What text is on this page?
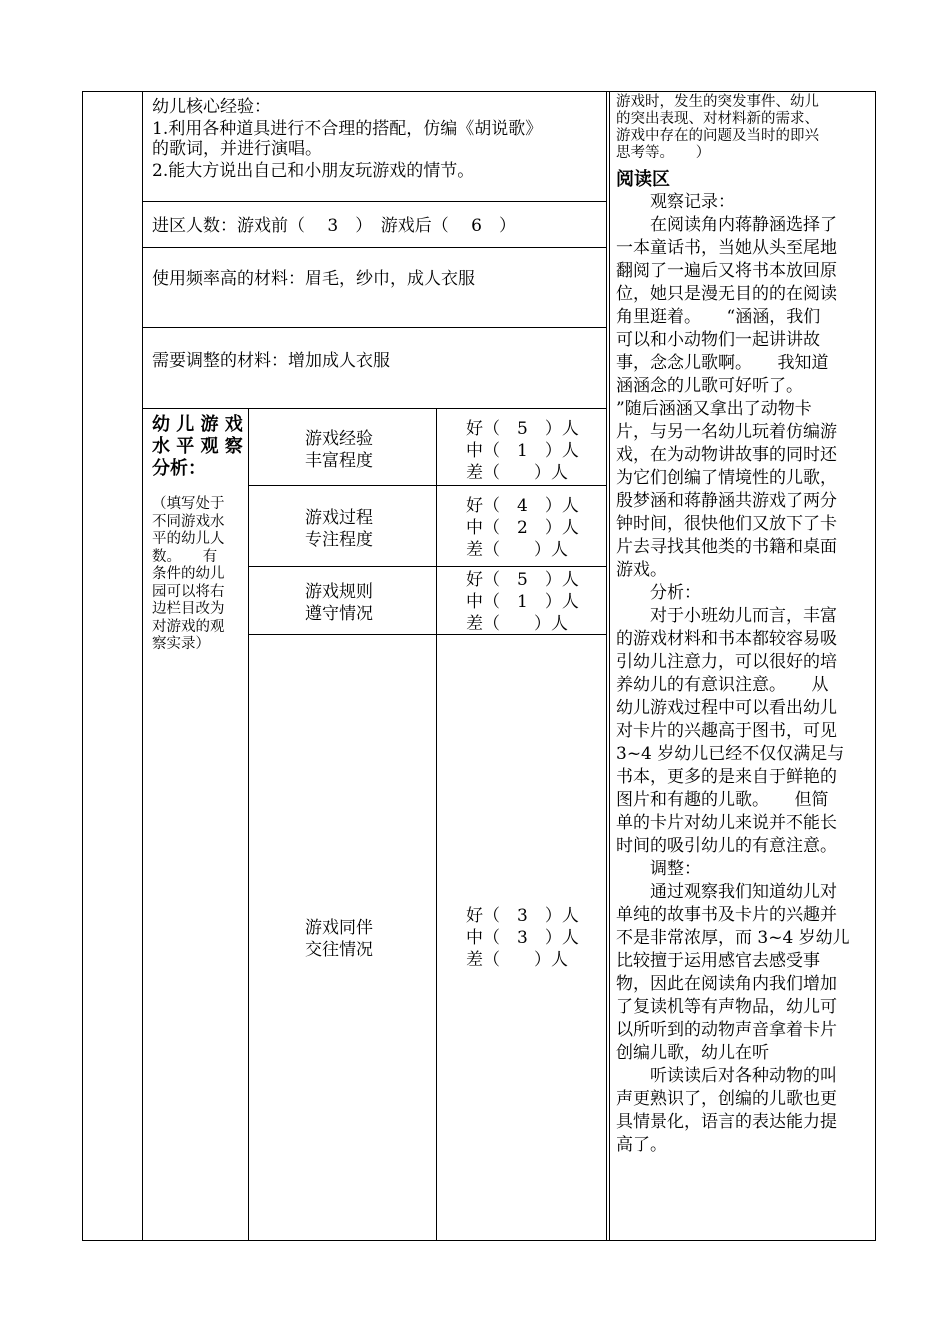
幼儿核心经验：
1.利用各种道具进行不合理的搭配，仿编《胡说歌》
的歌词，并进行演唱。
2.能大方说出自己和小朋友玩游戏的情节。
进区人数：游戏前（　 3　）　游戏后（　 6　）
使用频率高的材料：眉毛，纱巾，成人衣服
需要调整的材料：增加成人衣服
幼 儿 游 戏
水 平 观 察
分析：
（填写处于
不同游戏水
平的幼儿人
数。　　有
条件的幼儿
园可以将右
边栏目改为
对游戏的观
察实录）
游戏经验
丰富程度
好（　5　）人
中（　1　）人
差（　　）人
游戏过程
专注程度
好（　4　）人
中（　2　）人
差（　　）人
游戏规则
遵守情况
好（　5　）人
中（　1　）人
差（　　）人
游戏同伴
交往情况
好（　3　）人
中（　3　）人
差（　　）人
游戏时，发生的突发事件、幼儿
的突出表现、对材料新的需求、
游戏中存在的问题及当时的即兴
思考等。　　）
阅读区
　　观察记录：
　　在阅读角内蒋静涵选择了
一本童话书，当她从头至尾地
翻阅了一遍后又将书本放回原
位，她只是漫无目的的在阅读
角里逛着。　　“涵涵，我们
可以和小动物们一起讲讲故
事，念念儿歌啊。　　我知道
涵涵念的儿歌可好听了。
”随后涵涵又拿出了动物卡
片，与另一名幼儿玩着仿编游
戏，在为动物讲故事的同时还
为它们创编了情境性的儿歌，
殷梦涵和蒋静涵共游戏了两分
钟时间，很快他们又放下了卡
片去寻找其他类的书籍和桌面
游戏。
　　分析：
　　对于小班幼儿而言，丰富
的游戏材料和书本都较容易吸
引幼儿注意力，可以很好的培
养幼儿的有意识注意。　　从
幼儿游戏过程中可以看出幼儿
对卡片的兴趣高于图书，可见
3~4 岁幼儿已经不仅仅满足与
书本，更多的是来自于鲜艳的
图片和有趣的儿歌。　　但简
单的卡片对幼儿来说并不能长
时间的吸引幼儿的有意注意。
　　调整：
　　通过观察我们知道幼儿对
单纯的故事书及卡片的兴趣并
不是非常浓厚，而 3~4 岁幼儿
比较擅于运用感官去感受事
物，因此在阅读角内我们增加
了复读机等有声物品，幼儿可
以所听到的动物声音拿着卡片
创编儿歌，幼儿在听
　　听读读后对各种动物的叫
声更熟识了，创编的儿歌也更
具情景化，语言的表达能力提
高了。
